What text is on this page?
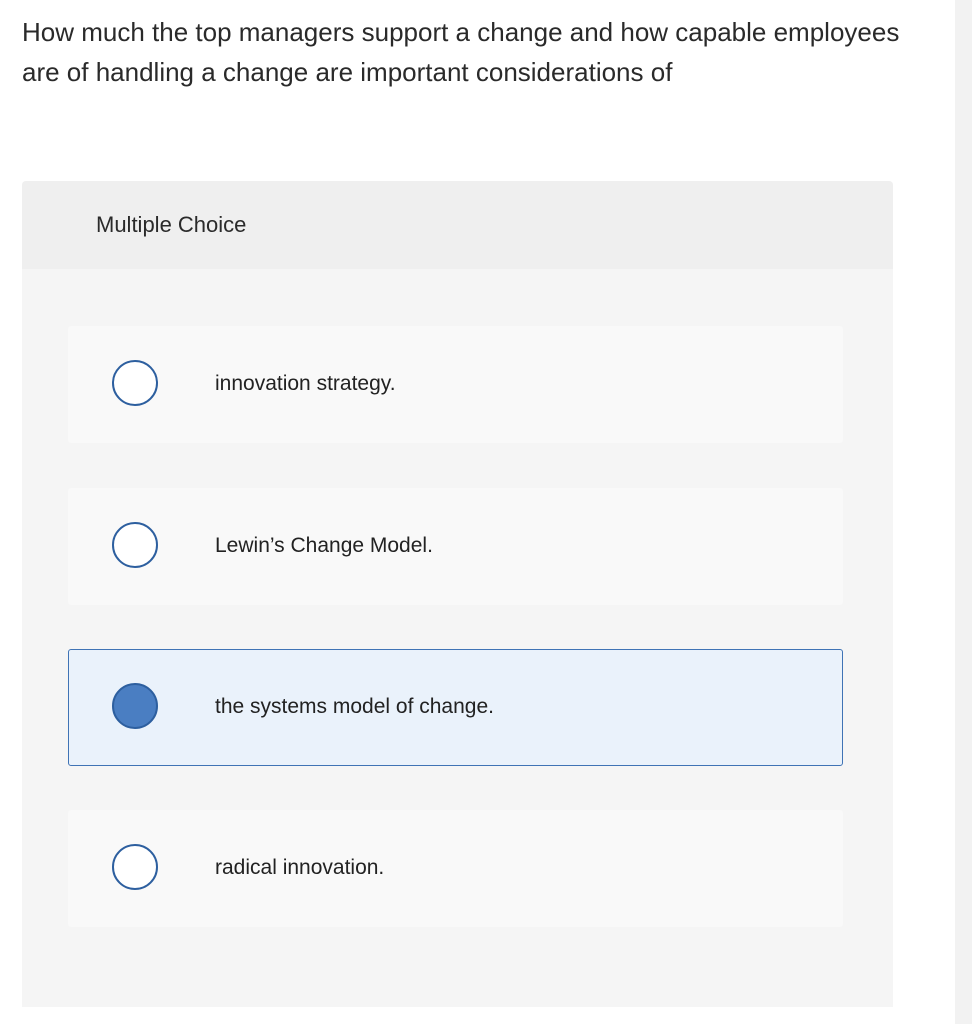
How much the top managers support a change and how capable employees are of handling a change are important considerations of

Multiple Choice
innovation strategy.
Lewin’s Change Model.
the systems model of change.
radical innovation.
